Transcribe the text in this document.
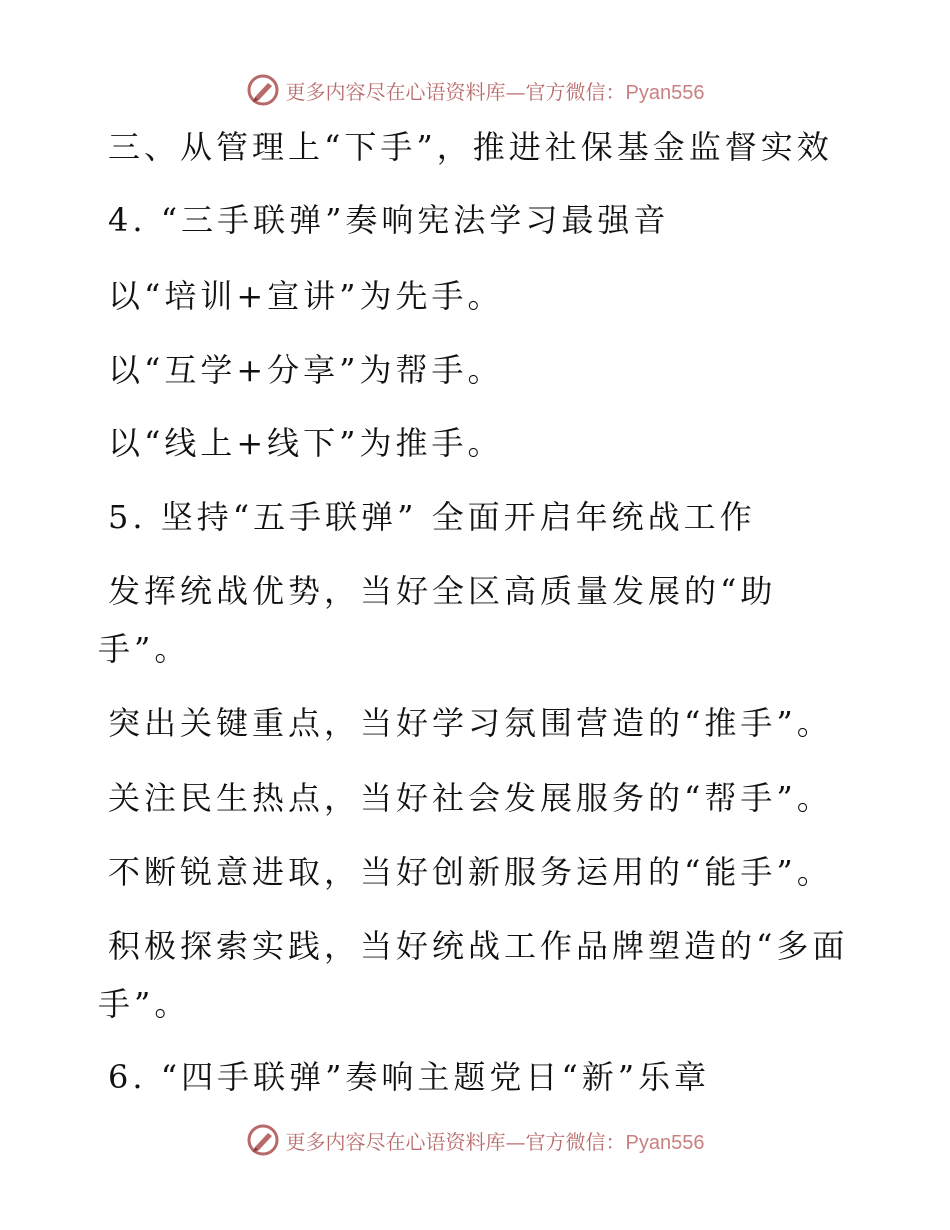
更多内容尽在心语资料库—官方微信：Pyan556
三、从管理上“下手”，推进社保基金监督实效
4. “三手联弹”奏响宪法学习最强音
以“培训+宣讲”为先手。
以“互学+分享”为帮手。
以“线上+线下”为推手。
5. 坚持“五手联弹” 全面开启年统战工作
发挥统战优势，当好全区高质量发展的“助
手”。
突出关键重点，当好学习氛围营造的“推手”。
关注民生热点，当好社会发展服务的“帮手”。
不断锐意进取，当好创新服务运用的“能手”。
积极探索实践，当好统战工作品牌塑造的“多面
手”。
6. “四手联弹”奏响主题党日“新”乐章
更多内容尽在心语资料库—官方微信：Pyan556
